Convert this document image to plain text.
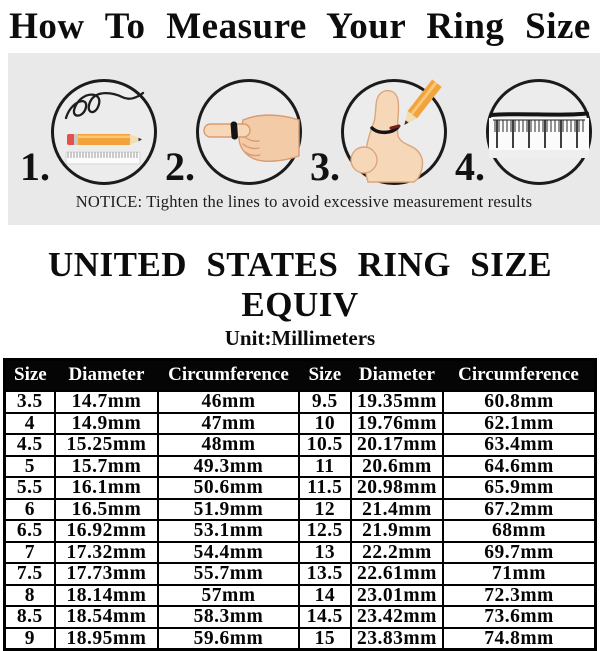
How To Measure Your Ring Size
1.	2.	3.	4.
NOTICE: Tighten the lines to avoid excessive measurement results
UNITED STATES RING SIZE EQUIV
Unit:Millimeters
Size	Diameter	Circumference	Size	Diameter	Circumference
3.5	14.7mm	46mm	9.5	19.35mm	60.8mm
4	14.9mm	47mm	10	19.76mm	62.1mm
4.5	15.25mm	48mm	10.5	20.17mm	63.4mm
5	15.7mm	49.3mm	11	20.6mm	64.6mm
5.5	16.1mm	50.6mm	11.5	20.98mm	65.9mm
6	16.5mm	51.9mm	12	21.4mm	67.2mm
6.5	16.92mm	53.1mm	12.5	21.9mm	68mm
7	17.32mm	54.4mm	13	22.2mm	69.7mm
7.5	17.73mm	55.7mm	13.5	22.61mm	71mm
8	18.14mm	57mm	14	23.01mm	72.3mm
8.5	18.54mm	58.3mm	14.5	23.42mm	73.6mm
9	18.95mm	59.6mm	15	23.83mm	74.8mm
